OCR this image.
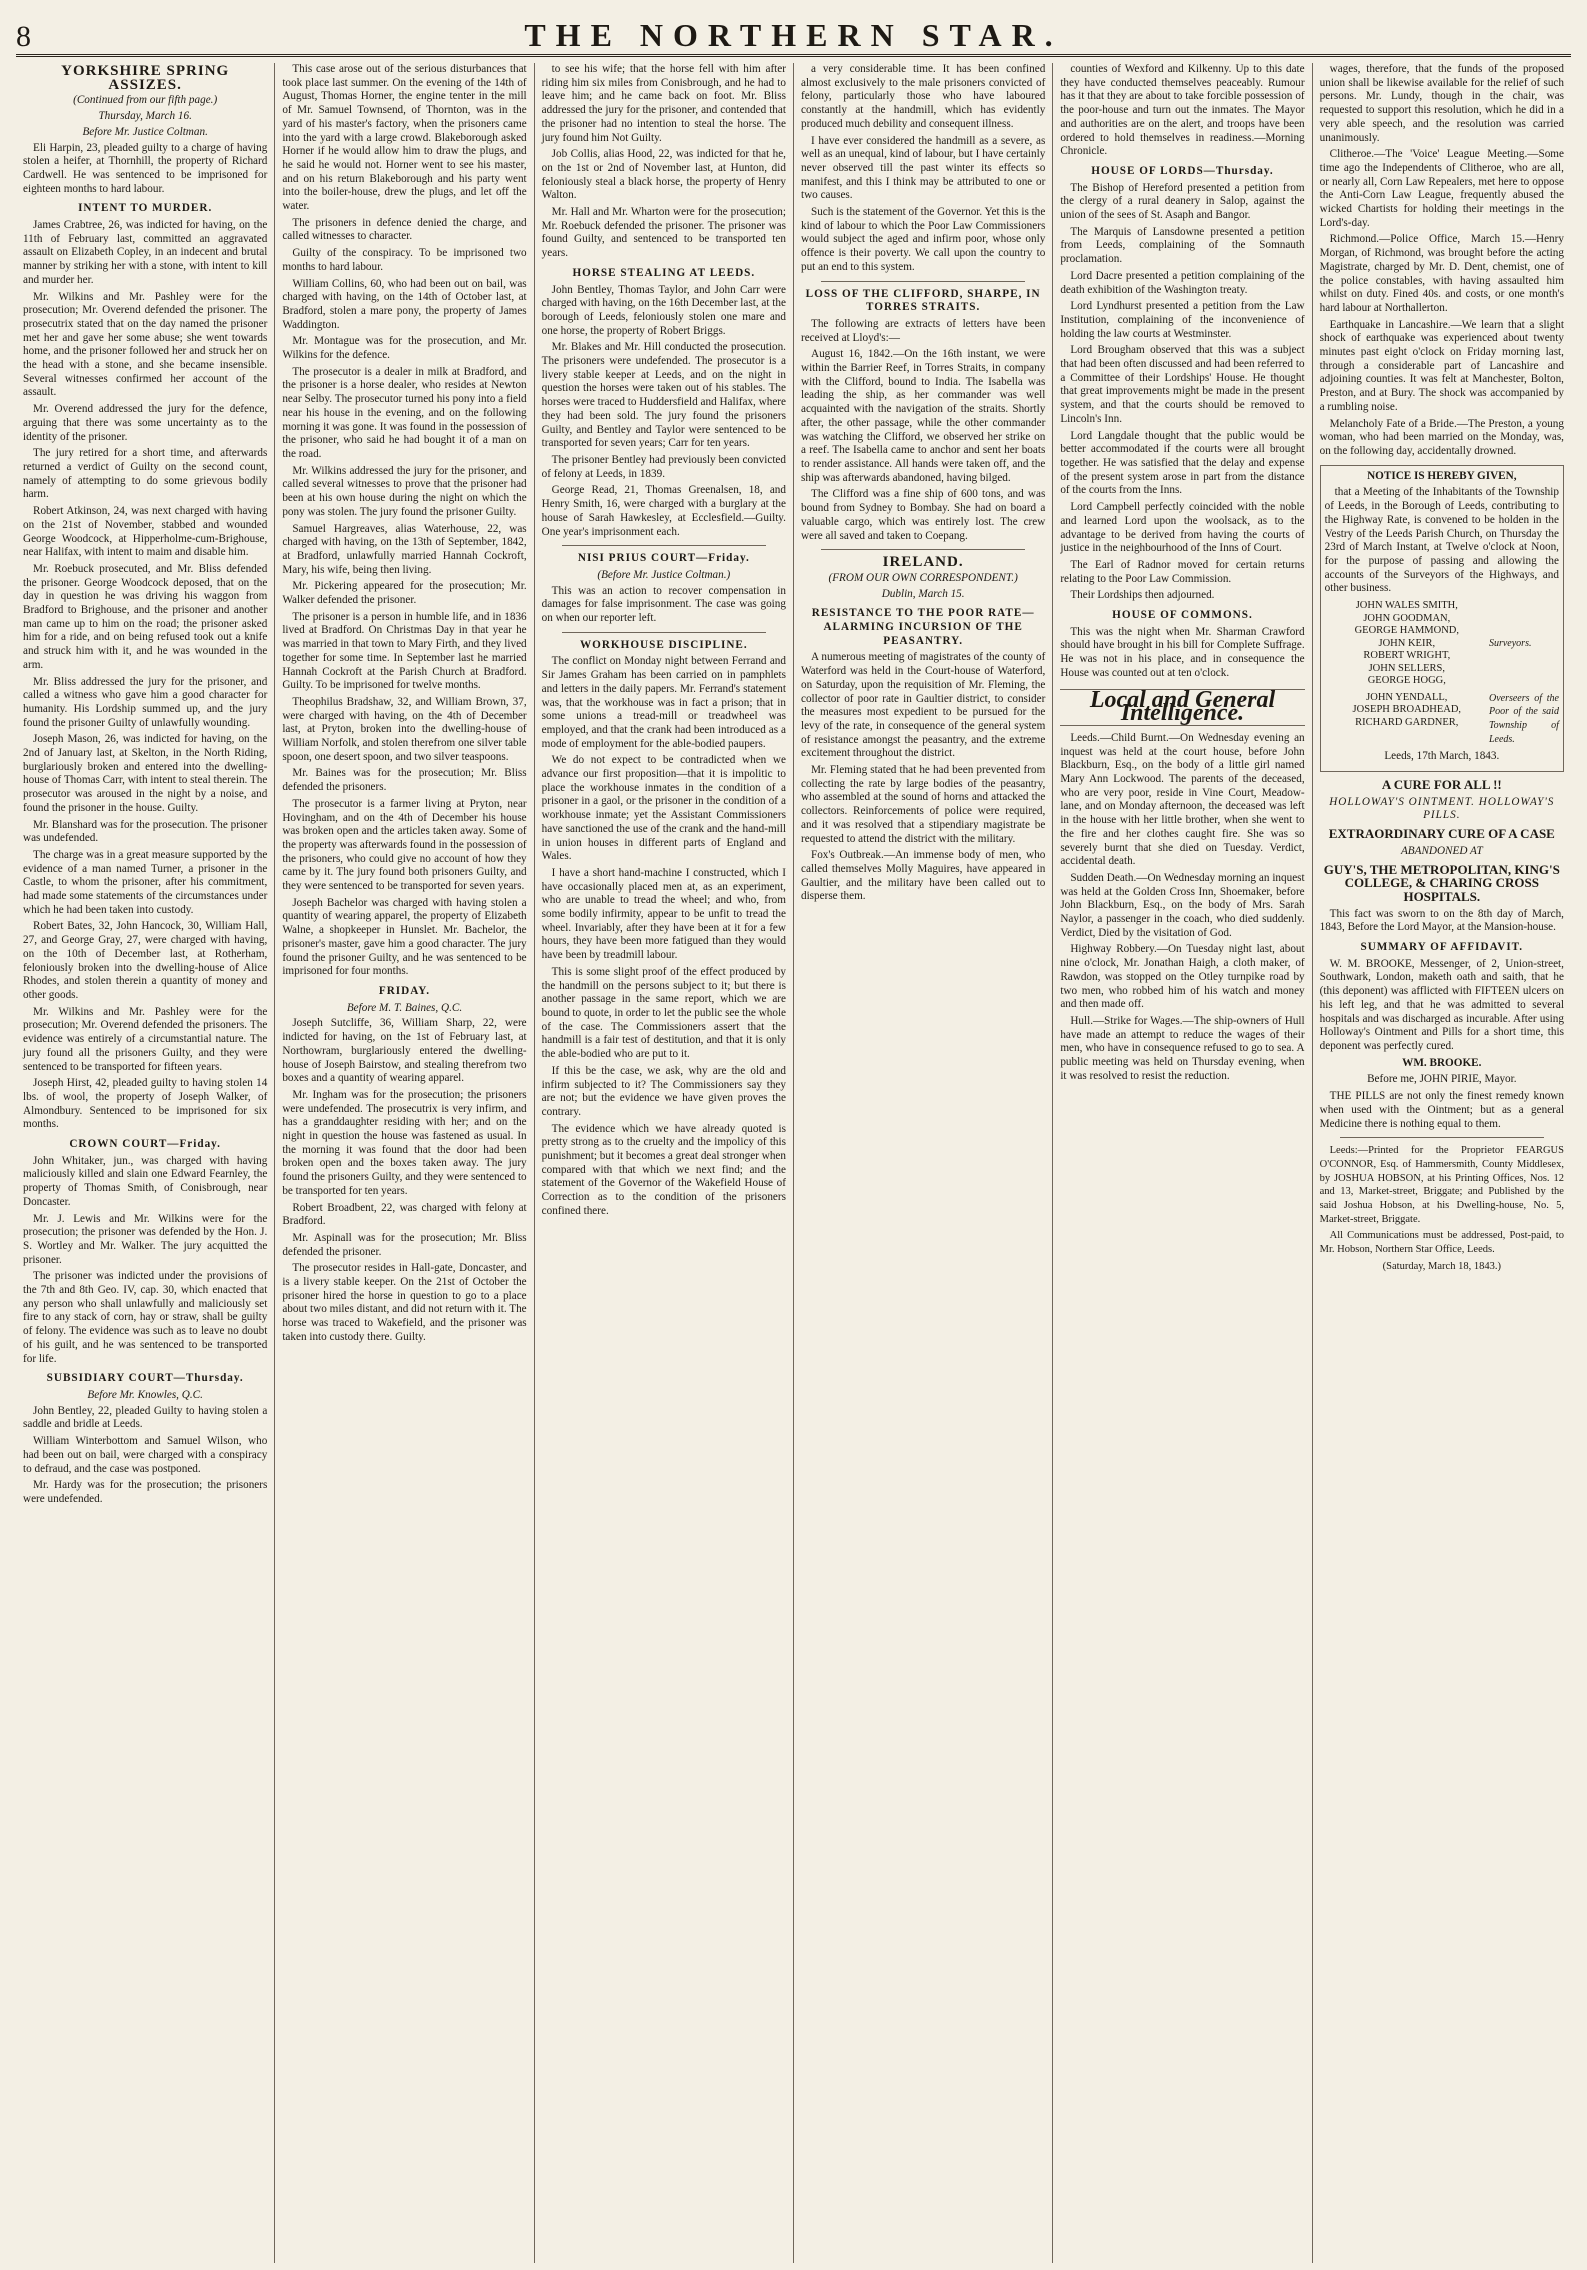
8	THE NORTHERN STAR.
YORKSHIRE SPRING ASSIZES.
(Continued from our fifth page.)
Thursday, March 16.
Before Mr. Justice Coltman.

Eli Harpin, 23, pleaded guilty to a charge of having stolen a heifer, at Thornhill, the property of Richard Cardwell. He was sentenced to be imprisoned for eighteen months to hard labour.

INTENT TO MURDER.

James Crabtree, 26, was indicted for having, on the 11th of February last, committed an aggravated assault on Elizabeth Copley, in an indecent and brutal manner by striking her with a stone, with intent to kill and murder her.

Mr. Wilkins and Mr. Pashley were for the prosecution; Mr. Overend defended the prisoner. The prosecutrix stated that on the day named the prisoner met her and gave her some abuse; she went towards home, and the prisoner followed her and struck her on the head with a stone, and she became insensible. Several witnesses confirmed her account of the assault.

Mr. Overend addressed the jury for the defence, arguing that there was some uncertainty as to the identity of the prisoner.

The jury retired for a short time, and afterwards returned a verdict of Guilty on the second count, namely of attempting to do some grievous bodily harm.

Robert Atkinson, 24, was next charged with having on the 21st of November, stabbed and wounded George Woodcock, at Hipperholme-cum-Brighouse, near Halifax, with intent to maim and disable him.

Mr. Roebuck prosecuted, and Mr. Bliss defended the prisoner. George Woodcock deposed, that on the day in question he was driving his waggon from Bradford to Brighouse, and the prisoner and another man came up to him on the road; the prisoner asked him for a ride, and on being refused took out a knife and struck him with it, and he was wounded in the arm.

Mr. Bliss addressed the jury for the prisoner, and called a witness who gave him a good character for humanity. His Lordship summed up, and the jury found the prisoner Guilty of unlawfully wounding.

Joseph Mason, 26, was indicted for having, on the 2nd of January last, at Skelton, in the North Riding, burglariously broken and entered into the dwelling-house of Thomas Carr, with intent to steal therein. The prosecutor was aroused in the night by a noise, and found the prisoner in the house. Guilty.

Mr. Blanshard was for the prosecution. The prisoner was undefended.

The charge was in a great measure supported by the evidence of a man named Turner, a prisoner in the Castle, to whom the prisoner, after his commitment, had made some statements of the circumstances under which he had been taken into custody.

Robert Bates, 32, John Hancock, 30, William Hall, 27, and George Gray, 27, were charged with having, on the 10th of December last, at Rotherham, feloniously broken into the dwelling-house of Alice Rhodes, and stolen therein a quantity of money and other goods.

Mr. Wilkins and Mr. Pashley were for the prosecution; Mr. Overend defended the prisoners. The evidence was entirely of a circumstantial nature. The jury found all the prisoners Guilty, and they were sentenced to be transported for fifteen years.

Joseph Hirst, 42, pleaded guilty to having stolen 14 lbs. of wool, the property of Joseph Walker, of Almondbury. Sentenced to be imprisoned for six months.

CROWN COURT—Friday.

John Whitaker, jun., was charged with having maliciously killed and slain one Edward Fearnley, the property of Thomas Smith, of Conisbrough, near Doncaster.

Mr. J. Lewis and Mr. Wilkins were for the prosecution; the prisoner was defended by the Hon. J. S. Wortley and Mr. Walker. The jury acquitted the prisoner.

The prisoner was indicted under the provisions of the 7th and 8th Geo. IV, cap. 30, which enacted that any person who shall unlawfully and maliciously set fire to any stack of corn, hay or straw, shall be guilty of felony. The evidence was such as to leave no doubt of his guilt, and he was sentenced to be transported for life.

SUBSIDIARY COURT—Thursday.
Before Mr. Knowles, Q.C.

John Bentley, 22, pleaded Guilty to having stolen a saddle and bridle at Leeds.

William Winterbottom and Samuel Wilson, who had been out on bail, were charged with a conspiracy to defraud, and the case was postponed.

Mr. Hardy was for the prosecution; the prisoners were undefended.

This case arose out of the serious disturbances that took place last summer. On the evening of the 14th of August, Thomas Horner, the engine tenter in the mill of Mr. Samuel Townsend, of Thornton, was in the yard of his master's factory, when the prisoners came into the yard with a large crowd. Blakeborough asked Horner if he would allow him to draw the plugs, and he said he would not. Horner went to see his master, and on his return Blakeborough and his party went into the boiler-house, drew the plugs, and let off the water.

The prisoners in defence denied the charge, and called witnesses to character.

Guilty of the conspiracy. To be imprisoned two months to hard labour.

William Collins, 60, who had been out on bail, was charged with having, on the 14th of October last, at Bradford, stolen a mare pony, the property of James Waddington.

Mr. Montague was for the prosecution, and Mr. Wilkins for the defence.

The prosecutor is a dealer in milk at Bradford, and the prisoner is a horse dealer, who resides at Newton near Selby. The prosecutor turned his pony into a field near his house in the evening, and on the following morning it was gone. It was found in the possession of the prisoner, who said he had bought it of a man on the road.

Mr. Wilkins addressed the jury for the prisoner, and called several witnesses to prove that the prisoner had been at his own house during the night on which the pony was stolen. The jury found the prisoner Guilty.

Samuel Hargreaves, alias Waterhouse, 22, was charged with having, on the 13th of September, 1842, at Bradford, unlawfully married Hannah Cockroft, Mary, his wife, being then living.

Mr. Pickering appeared for the prosecution; Mr. Walker defended the prisoner.

The prisoner is a person in humble life, and in 1836 lived at Bradford. On Christmas Day in that year he was married in that town to Mary Firth, and they lived together for some time. In September last he married Hannah Cockroft at the Parish Church at Bradford. Guilty. To be imprisoned for twelve months.

Theophilus Bradshaw, 32, and William Brown, 37, were charged with having, on the 4th of December last, at Pryton, broken into the dwelling-house of William Norfolk, and stolen therefrom one silver table spoon, one desert spoon, and two silver teaspoons.

Mr. Baines was for the prosecution; Mr. Bliss defended the prisoners.

The prosecutor is a farmer living at Pryton, near Hovingham, and on the 4th of December his house was broken open and the articles taken away. Some of the property was afterwards found in the possession of the prisoners, who could give no account of how they came by it. The jury found both prisoners Guilty, and they were sentenced to be transported for seven years.

Joseph Bachelor was charged with having stolen a quantity of wearing apparel, the property of Elizabeth Walne, a shopkeeper in Hunslet. Mr. Bachelor, the prisoner's master, gave him a good character. The jury found the prisoner Guilty, and he was sentenced to be imprisoned for four months.

FRIDAY.
Before M. T. Baines, Q.C.

Joseph Sutcliffe, 36, William Sharp, 22, were indicted for having, on the 1st of February last, at Northowram, burglariously entered the dwelling-house of Joseph Bairstow, and stealing therefrom two boxes and a quantity of wearing apparel.

Mr. Ingham was for the prosecution; the prisoners were undefended. The prosecutrix is very infirm, and has a granddaughter residing with her; and on the night in question the house was fastened as usual. In the morning it was found that the door had been broken open and the boxes taken away. The jury found the prisoners Guilty, and they were sentenced to be transported for ten years.

Robert Broadbent, 22, was charged with felony at Bradford.

Mr. Aspinall was for the prosecution; Mr. Bliss defended the prisoner.

The prosecutor resides in Hall-gate, Doncaster, and is a livery stable keeper. On the 21st of October the prisoner hired the horse in question to go to a place about two miles distant, and did not return with it. The horse was traced to Wakefield, and the prisoner was taken into custody there. Guilty.

to see his wife; that the horse fell with him after riding him six miles from Conisbrough, and he had to leave him; and he came back on foot. Mr. Bliss addressed the jury for the prisoner, and contended that the prisoner had no intention to steal the horse. The jury found him Not Guilty.

Job Collis, alias Hood, 22, was indicted for that he, on the 1st or 2nd of November last, at Hunton, did feloniously steal a black horse, the property of Henry Walton.

Mr. Hall and Mr. Wharton were for the prosecution; Mr. Roebuck defended the prisoner. The prisoner was found Guilty, and sentenced to be transported ten years.

HORSE STEALING AT LEEDS.

John Bentley, Thomas Taylor, and John Carr were charged with having, on the 16th December last, at the borough of Leeds, feloniously stolen one mare and one horse, the property of Robert Briggs.

Mr. Blakes and Mr. Hill conducted the prosecution. The prisoners were undefended. The prosecutor is a livery stable keeper at Leeds, and on the night in question the horses were taken out of his stables. The horses were traced to Huddersfield and Halifax, where they had been sold. The jury found the prisoners Guilty, and Bentley and Taylor were sentenced to be transported for seven years; Carr for ten years.

The prisoner Bentley had previously been convicted of felony at Leeds, in 1839.

George Read, 21, Thomas Greenalsen, 18, and Henry Smith, 16, were charged with a burglary at the house of Sarah Hawkesley, at Ecclesfield.—Guilty. One year's imprisonment each.

NISI PRIUS COURT—Friday.
(Before Mr. Justice Coltman.)

This was an action to recover compensation in damages for false imprisonment. The case was going on when our reporter left.

WORKHOUSE DISCIPLINE.

The conflict on Monday night between Ferrand and Sir James Graham has been carried on in pamphlets and letters in the daily papers. Mr. Ferrand's statement was, that the workhouse was in fact a prison; that in some unions a tread-mill or treadwheel was employed, and that the crank had been introduced as a mode of employment for the able-bodied paupers.

We do not expect to be contradicted when we advance our first proposition—that it is impolitic to place the workhouse inmates in the condition of a prisoner in a gaol, or the prisoner in the condition of a workhouse inmate; yet the Assistant Commissioners have sanctioned the use of the crank and the hand-mill in union houses in different parts of England and Wales.

I have a short hand-machine I constructed, which I have occasionally placed men at, as an experiment, who are unable to tread the wheel; and who, from some bodily infirmity, appear to be unfit to tread the wheel. Invariably, after they have been at it for a few hours, they have been more fatigued than they would have been by treadmill labour.

This is some slight proof of the effect produced by the handmill on the persons subject to it; but there is another passage in the same report, which we are bound to quote, in order to let the public see the whole of the case. The Commissioners assert that the handmill is a fair test of destitution, and that it is only the able-bodied who are put to it.

If this be the case, we ask, why are the old and infirm subjected to it? The Commissioners say they are not; but the evidence we have given proves the contrary.

The evidence which we have already quoted is pretty strong as to the cruelty and the impolicy of this punishment; but it becomes a great deal stronger when compared with that which we next find; and the statement of the Governor of the Wakefield House of Correction as to the condition of the prisoners confined there.

a very considerable time. It has been confined almost exclusively to the male prisoners convicted of felony, particularly those who have laboured constantly at the handmill, which has evidently produced much debility and consequent illness.

I have ever considered the handmill as a severe, as well as an unequal, kind of labour, but I have certainly never observed till the past winter its effects so manifest, and this I think may be attributed to one or two causes.

Such is the statement of the Governor. Yet this is the kind of labour to which the Poor Law Commissioners would subject the aged and infirm poor, whose only offence is their poverty. We call upon the country to put an end to this system.

LOSS OF THE CLIFFORD, SHARPE, IN TORRES STRAITS.

The following are extracts of letters have been received at Lloyd's:—

August 16, 1842.—On the 16th instant, we were within the Barrier Reef, in Torres Straits, in company with the Clifford, bound to India. The Isabella was leading the ship, as her commander was well acquainted with the navigation of the straits. Shortly after, the other passage, while the other commander was watching the Clifford, we observed her strike on a reef. The Isabella came to anchor and sent her boats to render assistance. All hands were taken off, and the ship was afterwards abandoned, having bilged.

The Clifford was a fine ship of 600 tons, and was bound from Sydney to Bombay. She had on board a valuable cargo, which was entirely lost. The crew were all saved and taken to Coepang.

IRELAND.
(FROM OUR OWN CORRESPONDENT.)
Dublin, March 15.
RESISTANCE TO THE POOR RATE—ALARMING INCURSION OF THE PEASANTRY.

A numerous meeting of magistrates of the county of Waterford was held in the Court-house of Waterford, on Saturday, upon the requisition of Mr. Fleming, the collector of poor rate in Gaultier district, to consider the measures most expedient to be pursued for the levy of the rate, in consequence of the general system of resistance amongst the peasantry, and the extreme excitement throughout the district.

Mr. Fleming stated that he had been prevented from collecting the rate by large bodies of the peasantry, who assembled at the sound of horns and attacked the collectors. Reinforcements of police were required, and it was resolved that a stipendiary magistrate be requested to attend the district with the military.

Fox's Outbreak.—An immense body of men, who called themselves Molly Maguires, have appeared in Gaultier, and the military have been called out to disperse them.

counties of Wexford and Kilkenny. Up to this date they have conducted themselves peaceably. Rumour has it that they are about to take forcible possession of the poor-house and turn out the inmates. The Mayor and authorities are on the alert, and troops have been ordered to hold themselves in readiness.—Morning Chronicle.

HOUSE OF LORDS—Thursday.

The Bishop of Hereford presented a petition from the clergy of a rural deanery in Salop, against the union of the sees of St. Asaph and Bangor.

The Marquis of Lansdowne presented a petition from Leeds, complaining of the Somnauth proclamation.

Lord Dacre presented a petition complaining of the death exhibition of the Washington treaty.

Lord Lyndhurst presented a petition from the Law Institution, complaining of the inconvenience of holding the law courts at Westminster.

Lord Brougham observed that this was a subject that had been often discussed and had been referred to a Committee of their Lordships' House. He thought that great improvements might be made in the present system, and that the courts should be removed to Lincoln's Inn.

Lord Langdale thought that the public would be better accommodated if the courts were all brought together. He was satisfied that the delay and expense of the present system arose in part from the distance of the courts from the Inns.

Lord Campbell perfectly coincided with the noble and learned Lord upon the woolsack, as to the advantage to be derived from having the courts of justice in the neighbourhood of the Inns of Court.

The Earl of Radnor moved for certain returns relating to the Poor Law Commission.

Their Lordships then adjourned.

HOUSE OF COMMONS.

This was the night when Mr. Sharman Crawford should have brought in his bill for Complete Suffrage. He was not in his place, and in consequence the House was counted out at ten o'clock.

Local and General Intelligence.

Leeds.—Child Burnt.—On Wednesday evening an inquest was held at the court house, before John Blackburn, Esq., on the body of a little girl named Mary Ann Lockwood. The parents of the deceased, who are very poor, reside in Vine Court, Meadow-lane, and on Monday afternoon, the deceased was left in the house with her little brother, when she went to the fire and her clothes caught fire. She was so severely burnt that she died on Tuesday. Verdict, accidental death.

Sudden Death.—On Wednesday morning an inquest was held at the Golden Cross Inn, Shoemaker, before John Blackburn, Esq., on the body of Mrs. Sarah Naylor, a passenger in the coach, who died suddenly. Verdict, Died by the visitation of God.

Highway Robbery.—On Tuesday night last, about nine o'clock, Mr. Jonathan Haigh, a cloth maker, of Rawdon, was stopped on the Otley turnpike road by two men, who robbed him of his watch and money and then made off.

Hull.—Strike for Wages.—The ship-owners of Hull have made an attempt to reduce the wages of their men, who have in consequence refused to go to sea. A public meeting was held on Thursday evening, when it was resolved to resist the reduction.

wages, therefore, that the funds of the proposed union shall be likewise available for the relief of such persons. Mr. Lundy, though in the chair, was requested to support this resolution, which he did in a very able speech, and the resolution was carried unanimously.

Clitheroe.—The 'Voice' League Meeting.—Some time ago the Independents of Clitheroe, who are all, or nearly all, Corn Law Repealers, met here to oppose the Anti-Corn Law League, frequently abused the wicked Chartists for holding their meetings in the Lord's-day.

Richmond.—Police Office, March 15.—Henry Morgan, of Richmond, was brought before the acting Magistrate, charged by Mr. D. Dent, chemist, one of the police constables, with having assaulted him whilst on duty. Fined 40s. and costs, or one month's hard labour at Northallerton.

Earthquake in Lancashire.—We learn that a slight shock of earthquake was experienced about twenty minutes past eight o'clock on Friday morning last, through a considerable part of Lancashire and adjoining counties. It was felt at Manchester, Bolton, Preston, and at Bury. The shock was accompanied by a rumbling noise.

Melancholy Fate of a Bride.—The Preston, a young woman, who had been married on the Monday, was, on the following day, accidentally drowned.

NOTICE IS HEREBY GIVEN,

that a Meeting of the Inhabitants of the Township of Leeds, in the Borough of Leeds, contributing to the Highway Rate, is convened to be holden in the Vestry of the Leeds Parish Church, on Thursday the 23rd of March Instant, at Twelve o'clock at Noon, for the purpose of passing and allowing the accounts of the Surveyors of the Highways, and other business.

JOHN WALES SMITH,
JOHN GOODMAN,
GEORGE HAMMOND,
JOHN KEIR,
ROBERT WRIGHT,
JOHN SELLERS,
GEORGE HOGG,
Surveyors.
JOHN YENDALL,
JOSEPH BROADHEAD,
RICHARD GARDNER,
Overseers of the Poor of the said Township of Leeds.

Leeds, 17th March, 1843.

A CURE FOR ALL !!
HOLLOWAY'S OINTMENT. HOLLOWAY'S PILLS.
EXTRAORDINARY CURE OF A CASE
ABANDONED AT
GUY'S, THE METROPOLITAN, KING'S COLLEGE, & CHARING CROSS HOSPITALS.

This fact was sworn to on the 8th day of March, 1843, Before the Lord Mayor, at the Mansion-house.

SUMMARY OF AFFIDAVIT.

W. M. BROOKE, Messenger, of 2, Union-street, Southwark, London, maketh oath and saith, that he (this deponent) was afflicted with FIFTEEN ulcers on his left leg, and that he was admitted to several hospitals and was discharged as incurable. After using Holloway's Ointment and Pills for a short time, this deponent was perfectly cured.

WM. BROOKE.

Before me, JOHN PIRIE, Mayor.

THE PILLS are not only the finest remedy known when used with the Ointment; but as a general Medicine there is nothing equal to them.

Leeds:—Printed for the Proprietor FEARGUS O'CONNOR, Esq. of Hammersmith, County Middlesex, by JOSHUA HOBSON, at his Printing Offices, Nos. 12 and 13, Market-street, Briggate; and Published by the said Joshua Hobson, at his Dwelling-house, No. 5, Market-street, Briggate.

All Communications must be addressed, Post-paid, to Mr. Hobson, Northern Star Office, Leeds.

(Saturday, March 18, 1843.)
